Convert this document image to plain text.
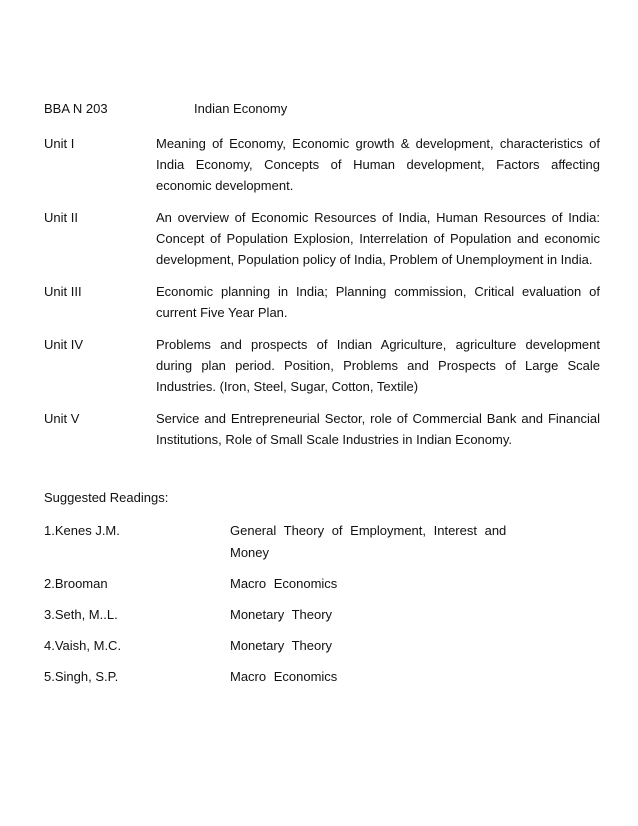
BBA N 203	Indian Economy
Unit I	Meaning of Economy, Economic growth & development, characteristics of India Economy, Concepts of Human development, Factors affecting economic development.
Unit II	An overview of Economic Resources of India, Human Resources of India: Concept of Population Explosion, Interrelation of Population and economic development, Population policy of India, Problem of Unemployment in India.
Unit III	Economic planning in India; Planning commission, Critical evaluation of current Five Year Plan.
Unit IV	Problems and prospects of Indian Agriculture, agriculture development during plan period. Position, Problems and Prospects of Large Scale Industries. (Iron, Steel, Sugar, Cotton, Textile)
Unit V	Service and Entrepreneurial Sector, role of Commercial Bank and Financial Institutions, Role of Small Scale Industries in Indian Economy.
Suggested Readings:
1.Kenes J.M.	General Theory of Employment, Interest and Money
2.Brooman	Macro Economics
3.Seth, M..L.	Monetary Theory
4.Vaish, M.C.	Monetary Theory
5.Singh, S.P.	Macro Economics
